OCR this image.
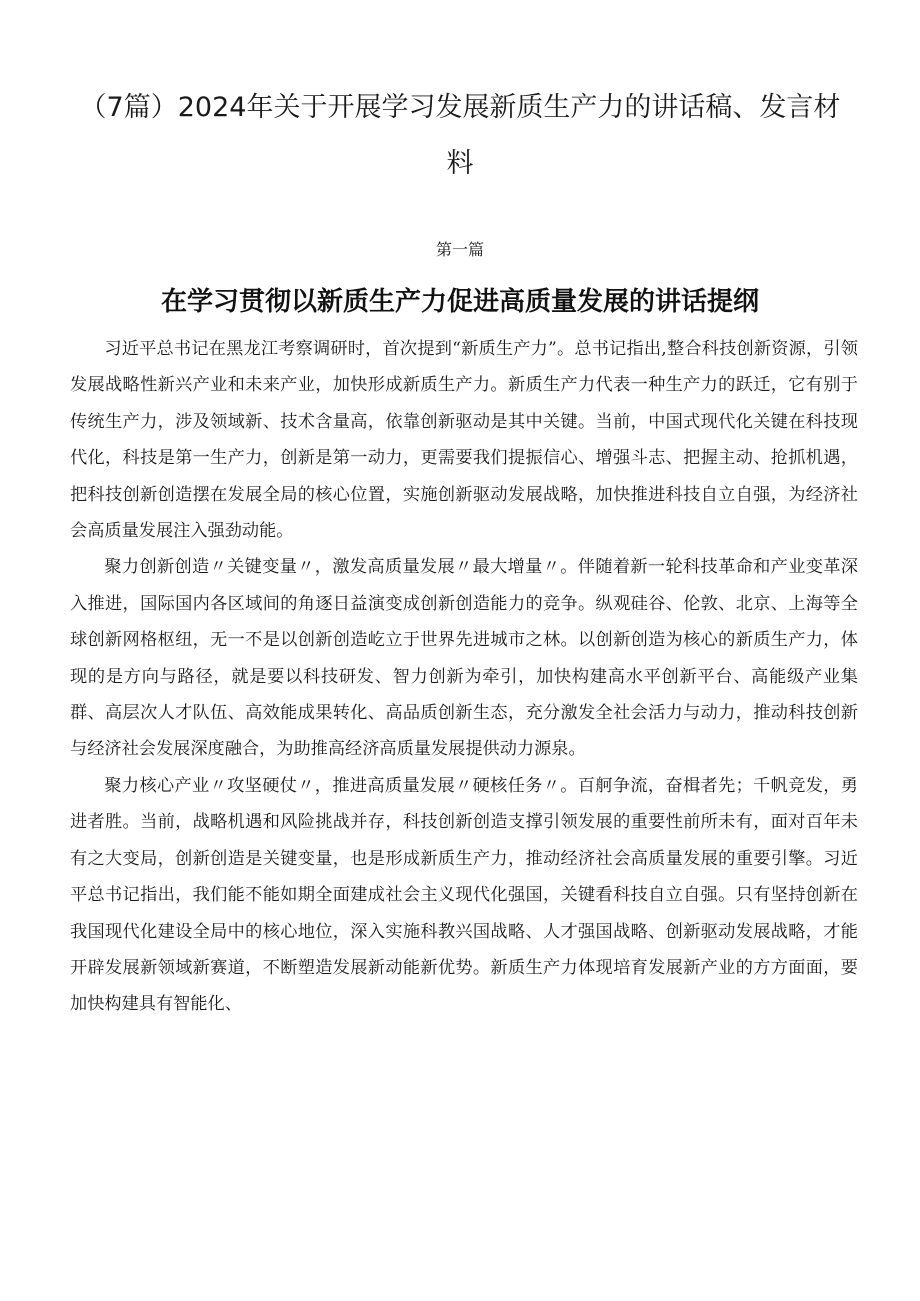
（7篇）2024年关于开展学习发展新质生产力的讲话稿、发言材料
第一篇
在学习贯彻以新质生产力促进高质量发展的讲话提纲

习近平总书记在黑龙江考察调研时，首次提到“新质生产力”。总书记指出,整合科技创新资源，引领发展战略性新兴产业和未来产业，加快形成新质生产力。新质生产力代表一种生产力的跃迁，它有别于传统生产力，涉及领域新、技术含量高，依靠创新驱动是其中关键。当前，中国式现代化关键在科技现代化，科技是第一生产力，创新是第一动力，更需要我们提振信心、增强斗志、把握主动、抢抓机遇，把科技创新创造摆在发展全局的核心位置，实施创新驱动发展战略，加快推进科技自立自强，为经济社会高质量发展注入强劲动能。

聚力创新创造〃关键变量〃，激发高质量发展〃最大增量〃。伴随着新一轮科技革命和产业变革深入推进，国际国内各区域间的角逐日益演变成创新创造能力的竞争。纵观硅谷、伦敦、北京、上海等全球创新网格枢纽，无一不是以创新创造屹立于世界先进城市之林。以创新创造为核心的新质生产力，体现的是方向与路径，就是要以科技研发、智力创新为牵引，加快构建高水平创新平台、高能级产业集群、高层次人才队伍、高效能成果转化、高品质创新生态，充分激发全社会活力与动力，推动科技创新与经济社会发展深度融合，为助推高经济高质量发展提供动力源泉。

聚力核心产业〃攻坚硬仗〃，推进高质量发展〃硬核任务〃。百舸争流，奋楫者先；千帆竞发，勇进者胜。当前，战略机遇和风险挑战并存，科技创新创造支撑引领发展的重要性前所未有，面对百年未有之大变局，创新创造是关键变量，也是形成新质生产力，推动经济社会高质量发展的重要引擎。习近平总书记指出，我们能不能如期全面建成社会主义现代化强国，关键看科技自立自强。只有坚持创新在我国现代化建设全局中的核心地位，深入实施科教兴国战略、人才强国战略、创新驱动发展战略，才能开辟发展新领域新赛道，不断塑造发展新动能新优势。新质生产力体现培育发展新产业的方方面面，要加快构建具有智能化、
